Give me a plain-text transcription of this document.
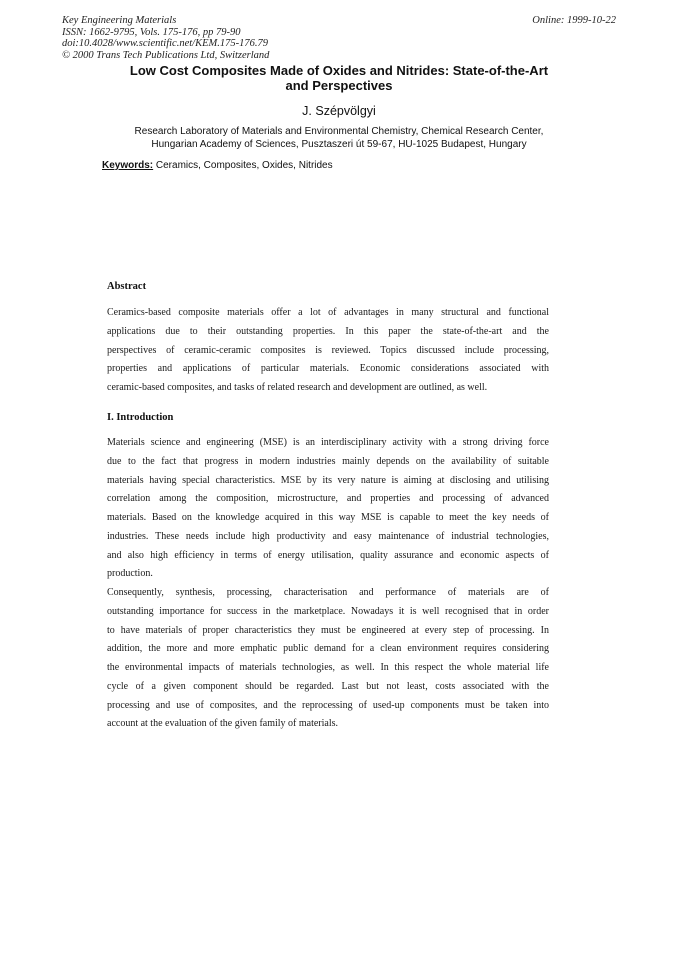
Key Engineering Materials
ISSN: 1662-9795, Vols. 175-176, pp 79-90
doi:10.4028/www.scientific.net/KEM.175-176.79
© 2000 Trans Tech Publications Ltd, Switzerland
Online: 1999-10-22
Low Cost Composites Made of Oxides and Nitrides: State-of-the-Art
and Perspectives
J. Szépvölgyi
Research Laboratory of Materials and Environmental Chemistry, Chemical Research Center,
Hungarian Academy of Sciences, Pusztaszeri út 59-67, HU-1025 Budapest, Hungary
Keywords: Ceramics, Composites, Oxides, Nitrides
Abstract
Ceramics-based composite materials offer a lot of advantages in many structural and functional
applications due to their outstanding properties. In this paper the state-of-the-art and the
perspectives of ceramic-ceramic composites is reviewed. Topics discussed include processing,
properties and applications of particular materials. Economic considerations associated with
ceramic-based composites, and tasks of related research and development are outlined, as well.
I. Introduction
Materials science and engineering (MSE) is an interdisciplinary activity with a strong driving force
due to the fact that progress in modern industries mainly depends on the availability of suitable
materials having special characteristics. MSE by its very nature is aiming at disclosing and utilising
correlation among the composition, microstructure, and properties and processing of advanced
materials. Based on the knowledge acquired in this way MSE is capable to meet the key needs of
industries. These needs include high productivity and easy maintenance of industrial technologies,
and also high efficiency in terms of energy utilisation, quality assurance and economic aspects of
production.
Consequently, synthesis, processing, characterisation and performance of materials are of
outstanding importance for success in the marketplace. Nowadays it is well recognised that in order
to have materials of proper characteristics they must be engineered at every step of processing. In
addition, the more and more emphatic public demand for a clean environment requires considering
the environmental impacts of materials technologies, as well. In this respect the whole material life
cycle of a given component should be regarded. Last but not least, costs associated with the
processing and use of composites, and the reprocessing of used-up components must be taken into
account at the evaluation of the given family of materials.
